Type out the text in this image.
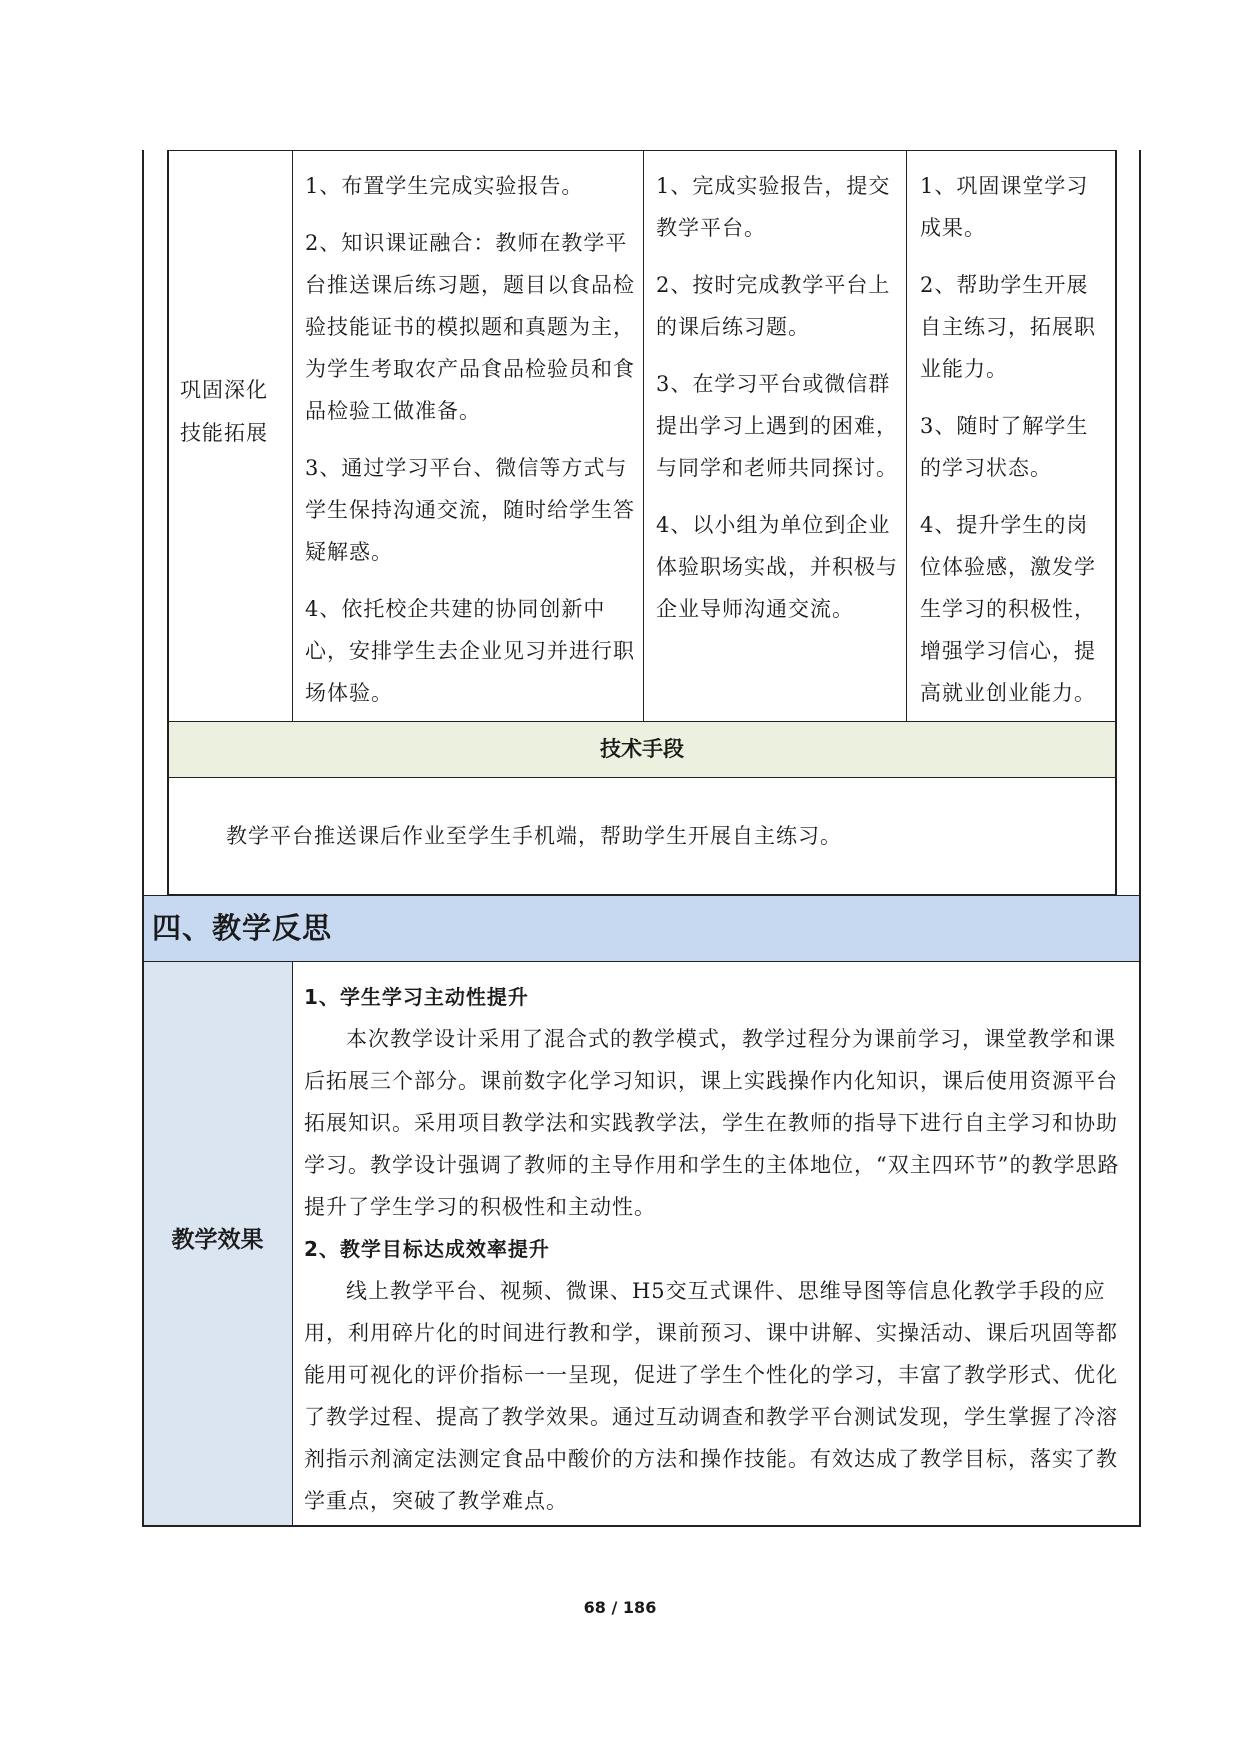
巩固深化技能拓展

1、布置学生完成实验报告。

2、知识课证融合：教师在教学平台推送课后练习题，题目以食品检验技能证书的模拟题和真题为主，为学生考取农产品食品检验员和食品检验工做准备。

3、通过学习平台、微信等方式与学生保持沟通交流，随时给学生答疑解惑。

4、依托校企共建的协同创新中心，安排学生去企业见习并进行职场体验。

1、完成实验报告，提交教学平台。

2、按时完成教学平台上的课后练习题。

3、在学习平台或微信群提出学习上遇到的困难，与同学和老师共同探讨。

4、以小组为单位到企业体验职场实战，并积极与企业导师沟通交流。

1、巩固课堂学习成果。

2、帮助学生开展自主练习，拓展职业能力。

3、随时了解学生的学习状态。

4、提升学生的岗位体验感，激发学生学习的积极性，增强学习信心，提高就业创业能力。

技术手段
教学平台推送课后作业至学生手机端，帮助学生开展自主练习。
四、教学反思
教学效果

1、学生学习主动性提升

本次教学设计采用了混合式的教学模式，教学过程分为课前学习，课堂教学和课后拓展三个部分。课前数字化学习知识，课上实践操作内化知识，课后使用资源平台拓展知识。采用项目教学法和实践教学法，学生在教师的指导下进行自主学习和协助学习。教学设计强调了教师的主导作用和学生的主体地位，“双主四环节”的教学思路提升了学生学习的积极性和主动性。

2、教学目标达成效率提升

线上教学平台、视频、微课、H5交互式课件、思维导图等信息化教学手段的应用，利用碎片化的时间进行教和学，课前预习、课中讲解、实操活动、课后巩固等都能用可视化的评价指标一一呈现，促进了学生个性化的学习，丰富了教学形式、优化了教学过程、提高了教学效果。通过互动调查和教学平台测试发现，学生掌握了冷溶剂指示剂滴定法测定食品中酸价的方法和操作技能。有效达成了教学目标，落实了教学重点，突破了教学难点。

68 / 186
